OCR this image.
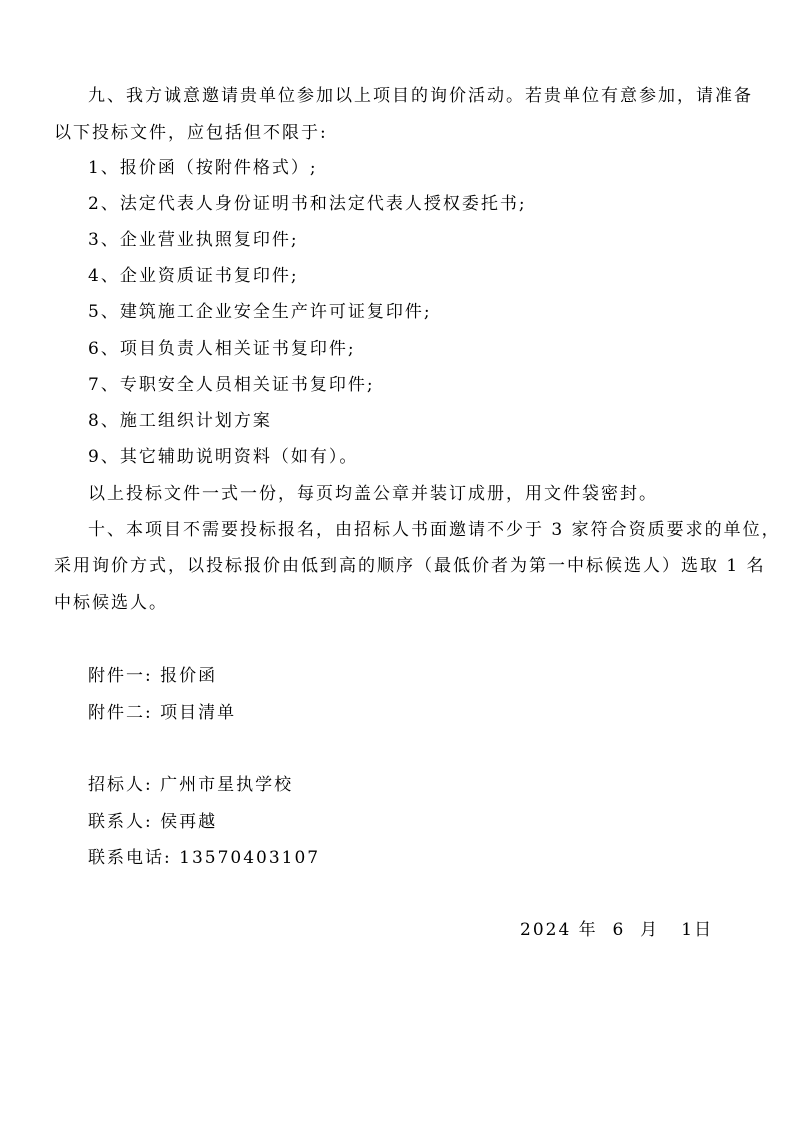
九、我方诚意邀请贵单位参加以上项目的询价活动。若贵单位有意参加，请准备
以下投标文件，应包括但不限于:
1、报价函（按附件格式）;
2、法定代表人身份证明书和法定代表人授权委托书;
3、企业营业执照复印件;
4、企业资质证书复印件;
5、建筑施工企业安全生产许可证复印件;
6、项目负责人相关证书复印件;
7、专职安全人员相关证书复印件;
8、施工组织计划方案
9、其它辅助说明资料（如有）。
以上投标文件一式一份，每页均盖公章并装订成册，用文件袋密封。
十、本项目不需要投标报名，由招标人书面邀请不少于 3 家符合资质要求的单位，
采用询价方式，以投标报价由低到高的顺序（最低价者为第一中标候选人）选取 1 名
中标候选人。
附件一: 报价函
附件二: 项目清单
招标人: 广州市星执学校
联系人: 侯再越
联系电话: 13570403107
2024 年  6  月   1日
